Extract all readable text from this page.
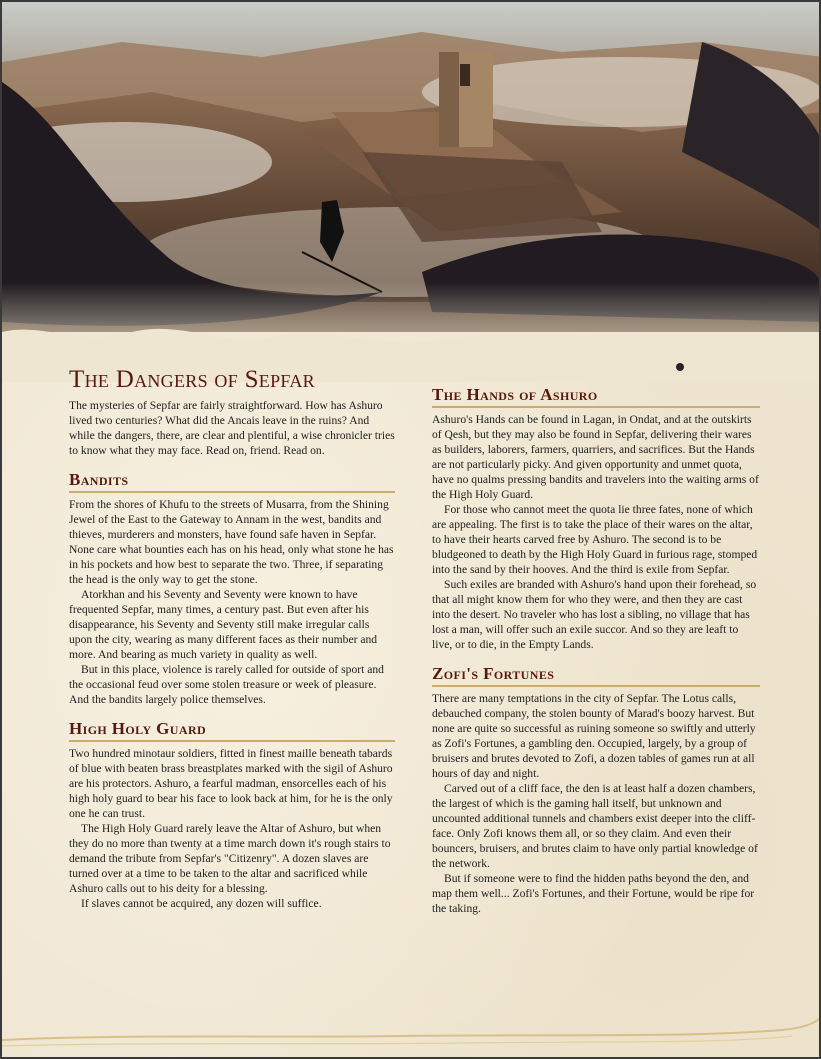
The Dangers of Sepfar

The mysteries of Sepfar are fairly straightforward. How has Ashuro lived two centuries? What did the Ancais leave in the ruins? And while the dangers, there, are clear and plentiful, a wise chronicler tries to know what they may face. Read on, friend. Read on.

Bandits

From the shores of Khufu to the streets of Musarra, from the Shining Jewel of the East to the Gateway to Annam in the west, bandits and thieves, murderers and monsters, have found safe haven in Sepfar. None care what bounties each has on his head, only what stone he has in his pockets and how best to separate the two. Three, if separating the head is the only way to get the stone.

Atorkhan and his Seventy and Seventy were known to have frequented Sepfar, many times, a century past. But even after his disappearance, his Seventy and Seventy still make irregular calls upon the city, wearing as many different faces as their number and more. And bearing as much variety in quality as well.

But in this place, violence is rarely called for outside of sport and the occasional feud over some stolen treasure or week of pleasure. And the bandits largely police themselves.

High Holy Guard

Two hundred minotaur soldiers, fitted in finest maille beneath tabards of blue with beaten brass breastplates marked with the sigil of Ashuro are his protectors. Ashuro, a fearful madman, ensorcelles each of his high holy guard to bear his face to look back at him, for he is the only one he can trust.

The High Holy Guard rarely leave the Altar of Ashuro, but when they do no more than twenty at a time march down it's rough stairs to demand the tribute from Sepfar's "Citizenry". A dozen slaves are turned over at a time to be taken to the altar and sacrificed while Ashuro calls out to his deity for a blessing.

If slaves cannot be acquired, any dozen will suffice.

The Hands of Ashuro

Ashuro's Hands can be found in Lagan, in Ondat, and at the outskirts of Qesh, but they may also be found in Sepfar, delivering their wares as builders, laborers, farmers, quarriers, and sacrifices. But the Hands are not particularly picky. And given opportunity and unmet quota, have no qualms pressing bandits and travelers into the waiting arms of the High Holy Guard.

For those who cannot meet the quota lie three fates, none of which are appealing. The first is to take the place of their wares on the altar, to have their hearts carved free by Ashuro. The second is to be bludgeoned to death by the High Holy Guard in furious rage, stomped into the sand by their hooves. And the third is exile from Sepfar.

Such exiles are branded with Ashuro's hand upon their forehead, so that all might know them for who they were, and then they are cast into the desert. No traveler who has lost a sibling, no village that has lost a man, will offer such an exile succor. And so they are leaft to live, or to die, in the Empty Lands.

Zofi's Fortunes

There are many temptations in the city of Sepfar. The Lotus calls, debauched company, the stolen bounty of Marad's boozy harvest. But none are quite so successful as ruining someone so swiftly and utterly as Zofi's Fortunes, a gambling den. Occupied, largely, by a group of bruisers and brutes devoted to Zofi, a dozen tables of games run at all hours of day and night.

Carved out of a cliff face, the den is at least half a dozen chambers, the largest of which is the gaming hall itself, but unknown and uncounted additional tunnels and chambers exist deeper into the cliff-face. Only Zofi knows them all, or so they claim. And even their bouncers, bruisers, and brutes claim to have only partial knowledge of the network.

But if someone were to find the hidden paths beyond the den, and map them well... Zofi's Fortunes, and their Fortune, would be ripe for the taking.
